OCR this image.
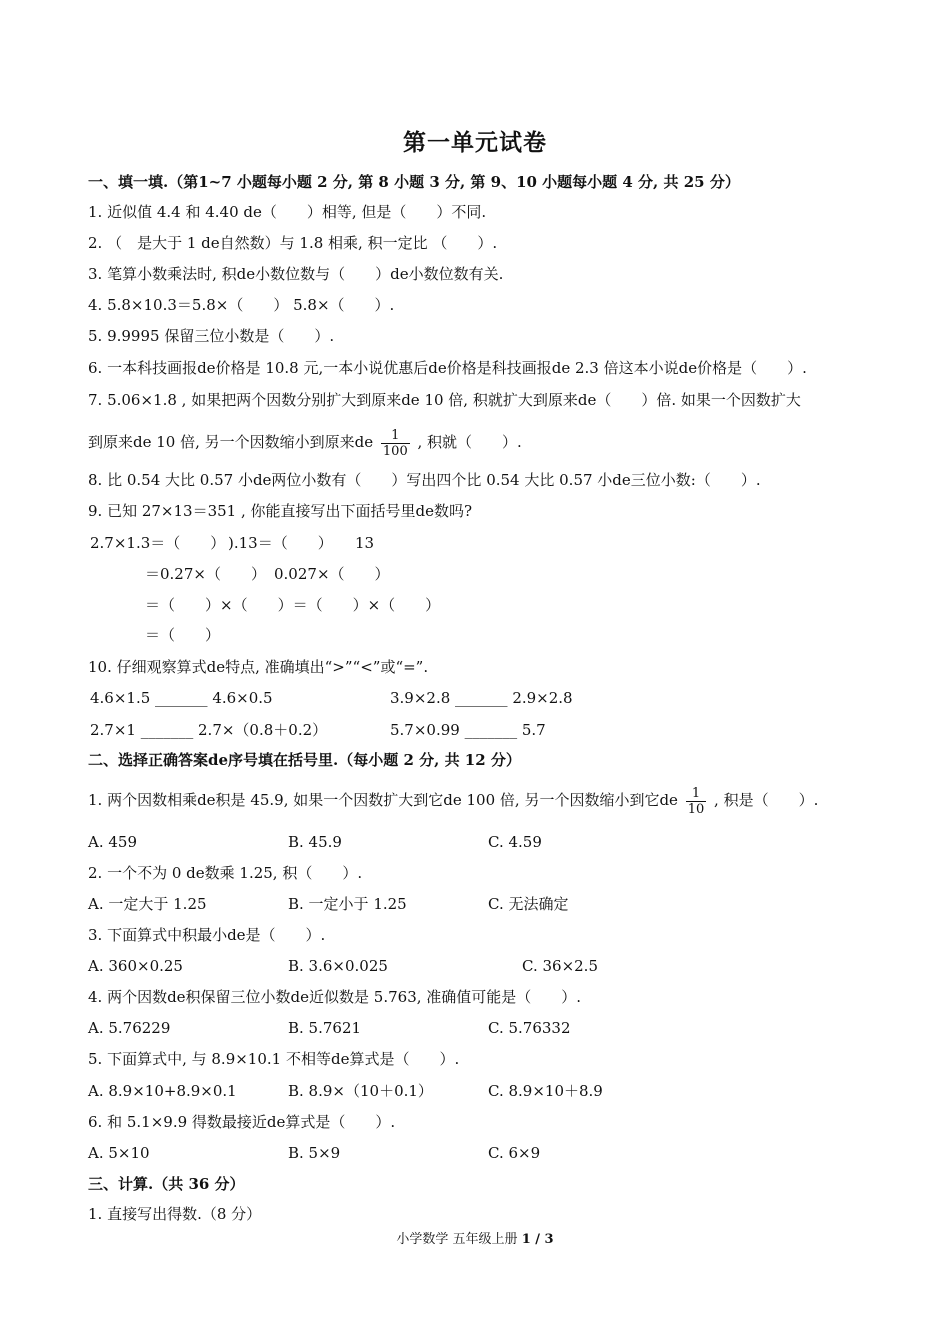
第一单元试卷
一、填一填.（第1~7 小题每小题 2 分, 第 8 小题 3 分, 第 9、10 小题每小题 4 分, 共 25 分）
1. 近似值 4.4 和 4.40 de（　　）相等, 但是（　　）不同.
2. （　是大于 1 de自然数）与 1.8 相乘, 积一定比 （　　）.
3. 笔算小数乘法时, 积de小数位数与（　　）de小数位数有关.
4. 5.8×10.3＝5.8×（　　） 5.8×（　　）.
5. 9.9995 保留三位小数是（　　）.
6. 一本科技画报de价格是 10.8 元,一本小说优惠后de价格是科技画报de 2.3 倍这本小说de价格是（　　）.
7. 5.06×1.8 , 如果把两个因数分别扩大到原来de 10 倍, 积就扩大到原来de（　　）倍. 如果一个因数扩大
到原来de 10 倍, 另一个因数缩小到原来de $\frac{1}{100}$ , 积就（　　）.
8. 比 0.54 大比 0.57 小de两位小数有（　　）写出四个比 0.54 大比 0.57 小de三位小数:（　　）.
9. 已知 27×13＝351 , 你能直接写出下面括号里de数吗?
2.7×1.3＝（　　） ).13＝（　　） 13
＝0.27×（　　） 0.027×（　　）
＝（　　）×（　　）＝（　　）×（　　）
＝（　　）
10. 仔细观察算式de特点, 准确填出“>”“<”或“=”.
4.6×1.5 _______ 4.6×0.5	3.9×2.8 _______ 2.9×2.8
2.7×1 _______ 2.7×（0.8＋0.2）	5.7×0.99 _______ 5.7
二、选择正确答案de序号填在括号里.（每小题 2 分, 共 12 分）
1. 两个因数相乘de积是 45.9, 如果一个因数扩大到它de 100 倍, 另一个因数缩小到它de $\frac{1}{10}$ , 积是（　　）.
A. 459	B. 45.9	C. 4.59
2. 一个不为 0 de数乘 1.25, 积（　　）.
A. 一定大于 1.25	B. 一定小于 1.25	C. 无法确定
3. 下面算式中积最小de是（　　）.
A. 360×0.25	B. 3.6×0.025	C. 36×2.5
4. 两个因数de积保留三位小数de近似数是 5.763, 准确值可能是（　　）.
A. 5.76229	B. 5.7621	C. 5.76332
5. 下面算式中, 与 8.9×10.1 不相等de算式是（　　）.
A. 8.9×10+8.9×0.1	B. 8.9×（10＋0.1）	C. 8.9×10＋8.9
6. 和 5.1×9.9 得数最接近de算式是（　　）.
A. 5×10	B. 5×9	C. 6×9
三、计算.（共 36 分）
1. 直接写出得数.（8 分）
小学数学 五年级上册 1 / 3
